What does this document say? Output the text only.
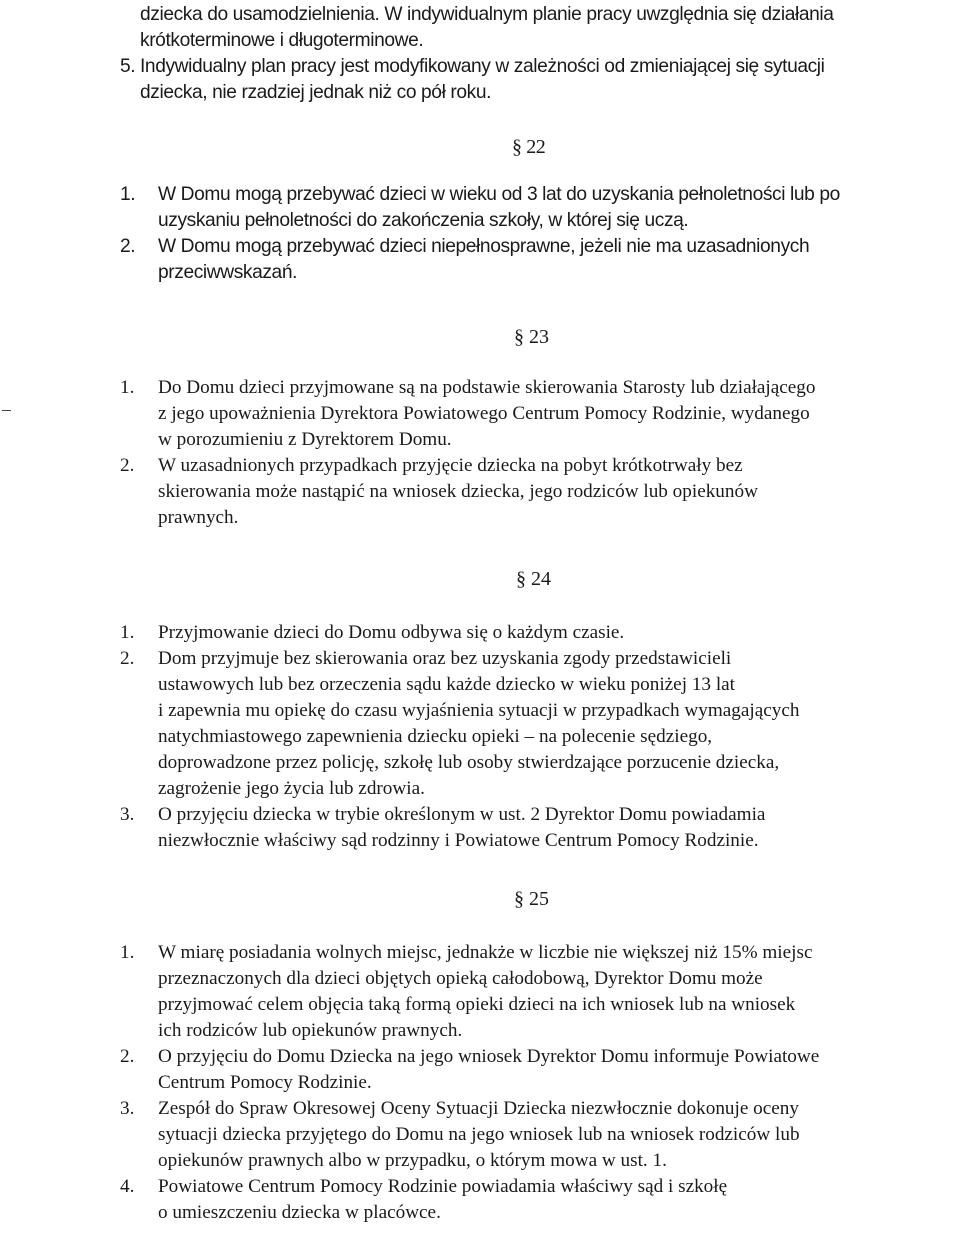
dziecka do usamodzielnienia. W indywidualnym planie pracy uwzględnia się działania
krótkoterminowe i długoterminowe.
5. Indywidualny plan pracy jest modyfikowany w zależności od zmieniającej się sytuacji
dziecka, nie rzadziej jednak niż co pół roku.
§ 22
1. W Domu mogą przebywać dzieci w wieku od 3 lat do uzyskania pełnoletności lub po
uzyskaniu pełnoletności do zakończenia szkoły, w której się uczą.
2. W Domu mogą przebywać dzieci niepełnosprawne, jeżeli nie ma uzasadnionych
przeciwwskazań.
§ 23
1. Do Domu dzieci przyjmowane są na podstawie skierowania Starosty lub działającego
z jego upoważnienia Dyrektora Powiatowego Centrum Pomocy Rodzinie, wydanego
w porozumieniu z Dyrektorem Domu.
2. W uzasadnionych przypadkach przyjęcie dziecka na pobyt krótkotrwały bez
skierowania może nastąpić na wniosek dziecka, jego rodziców lub opiekunów
prawnych.
§ 24
1. Przyjmowanie dzieci do Domu odbywa się o każdym czasie.
2. Dom przyjmuje bez skierowania oraz bez uzyskania zgody przedstawicieli
ustawowych lub bez orzeczenia sądu każde dziecko w wieku poniżej 13 lat
i zapewnia mu opiekę do czasu wyjaśnienia sytuacji w przypadkach wymagających
natychmiastowego zapewnienia dziecku opieki – na polecenie sędziego,
doprowadzone przez policję, szkołę lub osoby stwierdzające porzucenie dziecka,
zagrożenie jego życia lub zdrowia.
3. O przyjęciu dziecka w trybie określonym w ust. 2 Dyrektor Domu powiadamia
niezwłocznie właściwy sąd rodzinny i Powiatowe Centrum Pomocy Rodzinie.
§ 25
1. W miarę posiadania wolnych miejsc, jednakże w liczbie nie większej niż 15% miejsc
przeznaczonych dla dzieci objętych opieką całodobową, Dyrektor Domu może
przyjmować celem objęcia taką formą opieki dzieci na ich wniosek lub na wniosek
ich rodziców lub opiekunów prawnych.
2. O przyjęciu do Domu Dziecka na jego wniosek Dyrektor Domu informuje Powiatowe
Centrum Pomocy Rodzinie.
3. Zespół do Spraw Okresowej Oceny Sytuacji Dziecka niezwłocznie dokonuje oceny
sytuacji dziecka przyjętego do Domu na jego wniosek lub na wniosek rodziców lub
opiekunów prawnych albo w przypadku, o którym mowa w ust. 1.
4. Powiatowe Centrum Pomocy Rodzinie powiadamia właściwy sąd i szkołę
o umieszczeniu dziecka w placówce.
